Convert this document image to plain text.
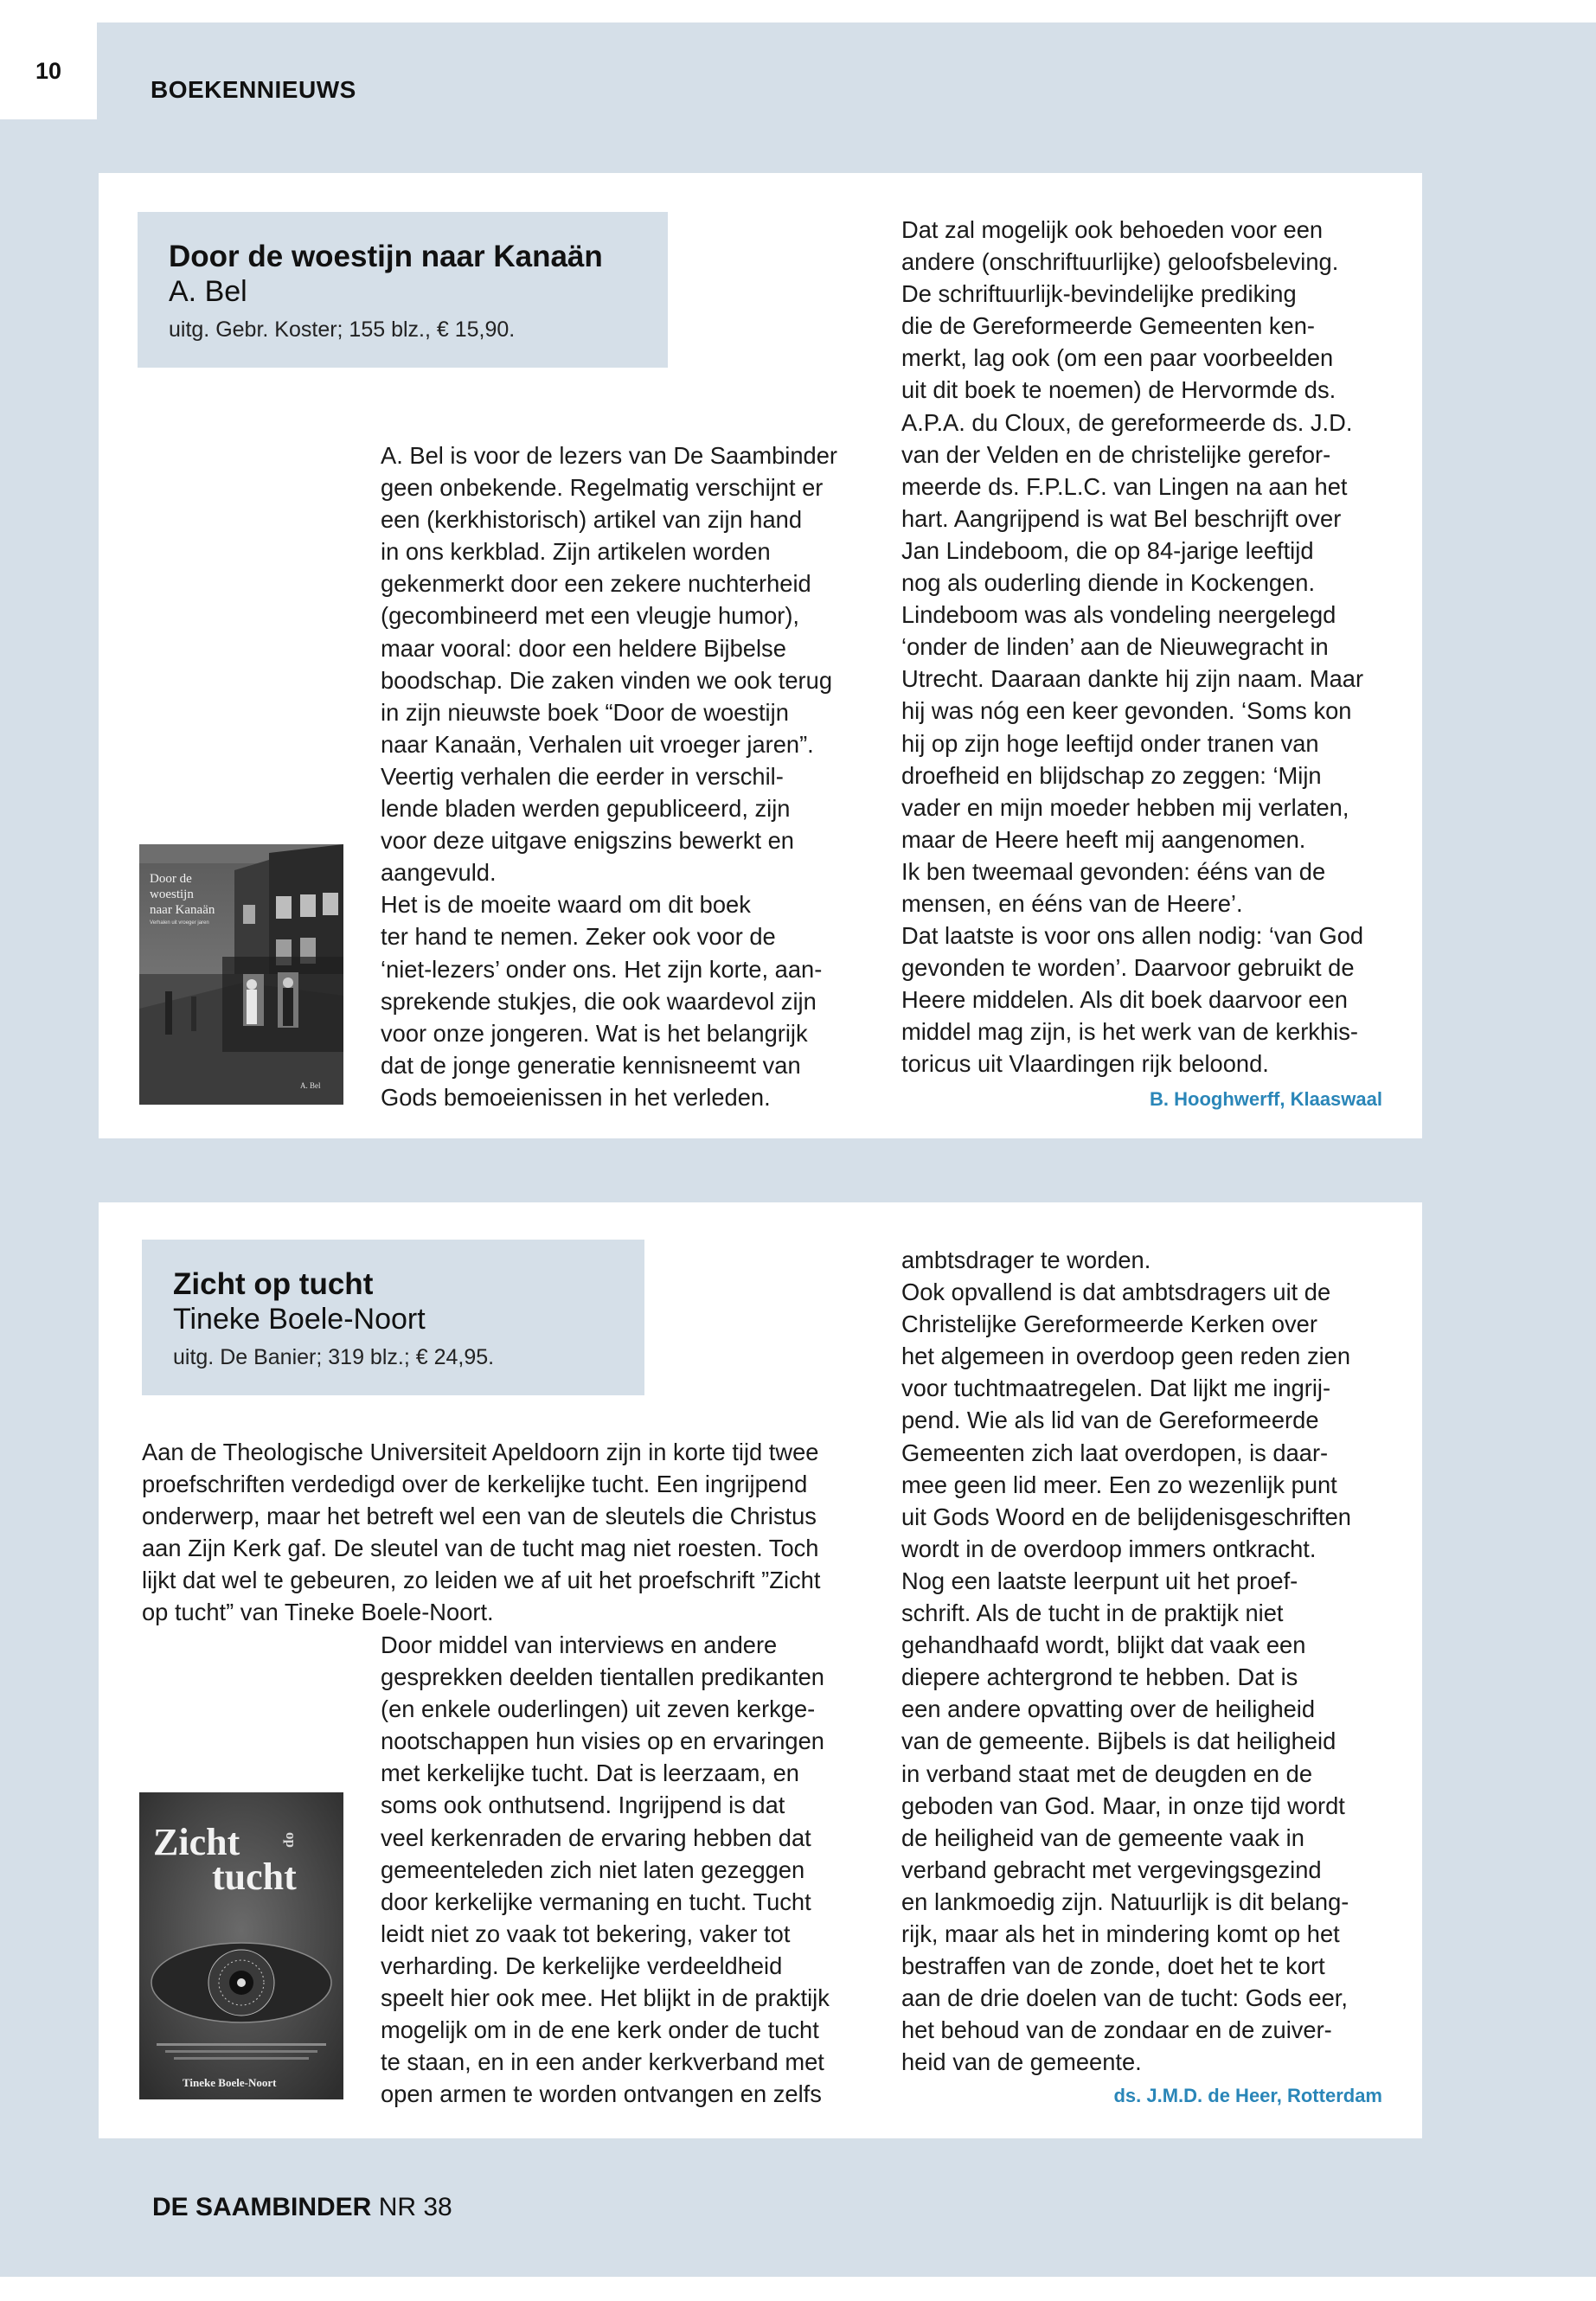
10
BOEKENNIEUWS
Door de woestijn naar Kanaän
A. Bel
uitg. Gebr. Koster; 155 blz., € 15,90.
Door de
woestijn
naar Kanaän
Verhalen uit vroeger jaren
A. Bel

A. Bel is voor de lezers van De Saambinder

geen onbekende. Regelmatig verschijnt er

een (kerkhistorisch) artikel van zijn hand

in ons kerkblad. Zijn artikelen worden

gekenmerkt door een zekere nuchterheid

(gecombineerd met een vleugje humor),

maar vooral: door een heldere Bijbelse

boodschap. Die zaken vinden we ook terug

in zijn nieuwste boek “Door de woestijn

naar Kanaän, Verhalen uit vroeger jaren”.

Veertig verhalen die eerder in verschil-

lende bladen werden gepubliceerd, zijn

voor deze uitgave enigszins bewerkt en

aangevuld.

Het is de moeite waard om dit boek

ter hand te nemen. Zeker ook voor de

‘niet-lezers’ onder ons. Het zijn korte, aan-

sprekende stukjes, die ook waardevol zijn

voor onze jongeren. Wat is het belangrijk

dat de jonge generatie kennisneemt van

Gods bemoeienissen in het verleden.

Dat zal mogelijk ook behoeden voor een

andere (onschriftuurlijke) geloofsbeleving.

De schriftuurlijk-bevindelijke prediking

die de Gereformeerde Gemeenten ken-

merkt, lag ook (om een paar voorbeelden

uit dit boek te noemen) de Hervormde ds.

A.P.A. du Cloux, de gereformeerde ds. J.D.

van der Velden en de christelijke gerefor-

meerde ds. F.P.L.C. van Lingen na aan het

hart. Aangrijpend is wat Bel beschrijft over

Jan Lindeboom, die op 84-jarige leeftijd

nog als ouderling diende in Kockengen.

Lindeboom was als vondeling neergelegd

‘onder de linden’ aan de Nieuwegracht in

Utrecht. Daaraan dankte hij zijn naam. Maar

hij was nóg een keer gevonden. ‘Soms kon

hij op zijn hoge leeftijd onder tranen van

droefheid en blijdschap zo zeggen: ‘Mijn

vader en mijn moeder hebben mij verlaten,

maar de Heere heeft mij aangenomen.

Ik ben tweemaal gevonden: ééns van de

mensen, en ééns van de Heere’.

Dat laatste is voor ons allen nodig: ‘van God

gevonden te worden’. Daarvoor gebruikt de

Heere middelen. Als dit boek daarvoor een

middel mag zijn, is het werk van de kerkhis-

toricus uit Vlaardingen rijk beloond.

B. Hooghwerff, Klaaswaal
Zicht op tucht
Tineke Boele-Noort
uitg. De Banier; 319 blz.; € 24,95.

Aan de Theologische Universiteit Apeldoorn zijn in korte tijd twee

proefschriften verdedigd over de kerkelijke tucht. Een ingrijpend

onderwerp, maar het betreft wel een van de sleutels die Christus

aan Zijn Kerk gaf. De sleutel van de tucht mag niet roesten. Toch

lijkt dat wel te gebeuren, zo leiden we af uit het proefschrift ”Zicht

op tucht” van Tineke Boele-Noort.

Zicht	op
tucht
Tineke Boele-Noort

Door middel van interviews en andere

gesprekken deelden tientallen predikanten

(en enkele ouderlingen) uit zeven kerkge-

nootschappen hun visies op en ervaringen

met kerkelijke tucht. Dat is leerzaam, en

soms ook onthutsend. Ingrijpend is dat

veel kerkenraden de ervaring hebben dat

gemeenteleden zich niet laten gezeggen

door kerkelijke vermaning en tucht. Tucht

leidt niet zo vaak tot bekering, vaker tot

verharding. De kerkelijke verdeeldheid

speelt hier ook mee. Het blijkt in de praktijk

mogelijk om in de ene kerk onder de tucht

te staan, en in een ander kerkverband met

open armen te worden ontvangen en zelfs

ambtsdrager te worden.

Ook opvallend is dat ambtsdragers uit de

Christelijke Gereformeerde Kerken over

het algemeen in overdoop geen reden zien

voor tuchtmaatregelen. Dat lijkt me ingrij-

pend. Wie als lid van de Gereformeerde

Gemeenten zich laat overdopen, is daar-

mee geen lid meer. Een zo wezenlijk punt

uit Gods Woord en de belijdenisgeschriften

wordt in de overdoop immers ontkracht.

Nog een laatste leerpunt uit het proef-

schrift. Als de tucht in de praktijk niet

gehandhaafd wordt, blijkt dat vaak een

diepere achtergrond te hebben. Dat is

een andere opvatting over de heiligheid

van de gemeente. Bijbels is dat heiligheid

in verband staat met de deugden en de

geboden van God. Maar, in onze tijd wordt

de heiligheid van de gemeente vaak in

verband gebracht met vergevingsgezind

en lankmoedig zijn. Natuurlijk is dit belang-

rijk, maar als het in mindering komt op het

bestraffen van de zonde, doet het te kort

aan de drie doelen van de tucht: Gods eer,

het behoud van de zondaar en de zuiver-

heid van de gemeente.

ds. J.M.D. de Heer, Rotterdam
DE SAAMBINDER NR 38
